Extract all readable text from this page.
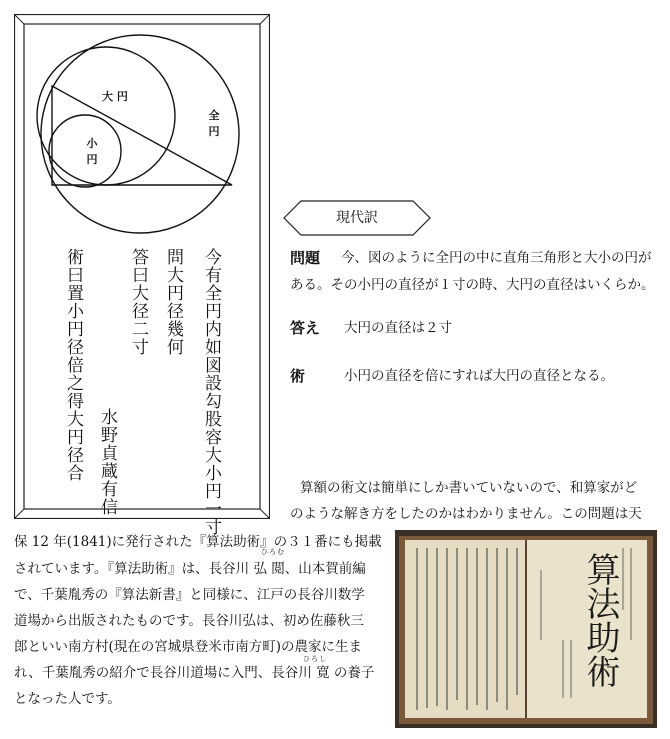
大 円
全
円
小
円
今有全円内如図設勾股容大小円一寸
問大円径幾何
答曰大径二寸
水野貞蔵有信
術曰置小円径倍之得大円径合
現代訳
問題 今、図のように全円の中に直角三角形と大小の円が
ある。その小円の直径が１寸の時、大円の直径はいくらか。
答え 大円の直径は２寸
術	小円の直径を倍にすれば大円の直径となる。
算額の術文は簡単にしか書いていないので、和算家がど
のような解き方をしたのかはわかりません。この問題は天
ひろむ
ひろし
保 12 年(1841)に発行された『算法助術』の３１番にも掲載
されています。『算法助術』は、長谷川 弘 閲、山本賀前編
で、千葉胤秀の『算法新書』と同様に、江戸の長谷川数学
道場から出版されたものです。長谷川弘は、初め佐藤秋三
郎といい南方村(現在の宮城県登米市南方町)の農家に生ま
れ、千葉胤秀の紹介で長谷川道場に入門、長谷川 寛 の養子
となった人です。
算法助術
